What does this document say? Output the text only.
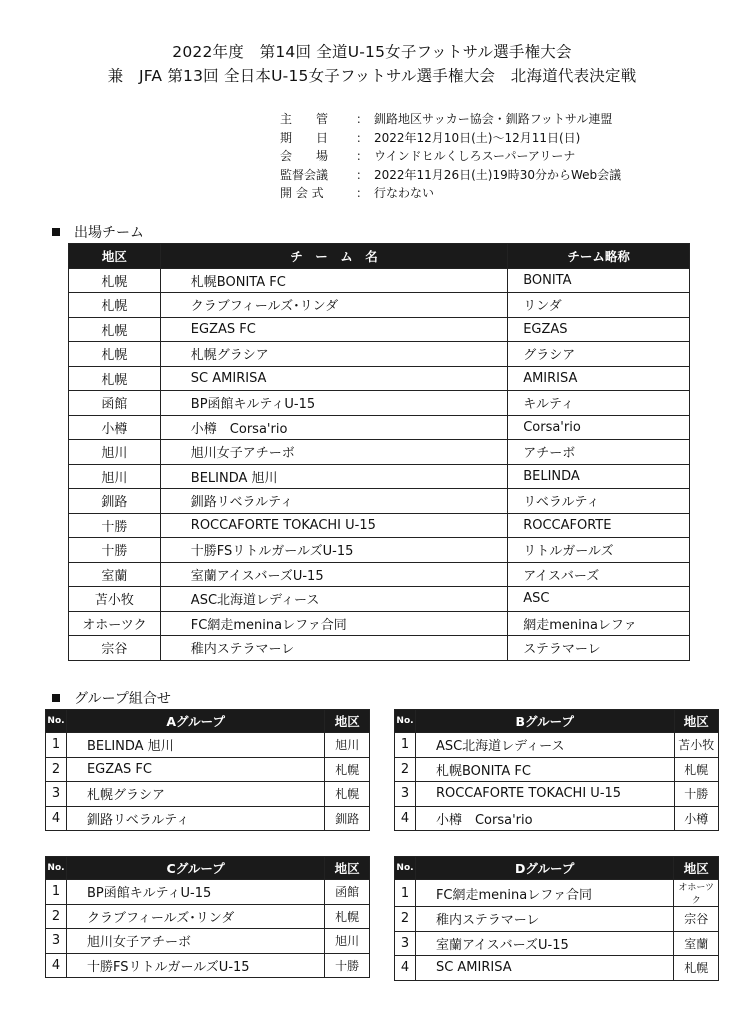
2022年度　第14回 全道U-15女子フットサル選手権大会
兼　JFA 第13回 全日本U-15女子フットサル選手権大会　北海道代表決定戦
主　　管	： 釧路地区サッカー協会・釧路フットサル連盟
期　　日	： 2022年12月10日(土)～12月11日(日)
会　　場	： ウインドヒルくしろスーパーアリーナ
監督会議	： 2022年11月26日(土)19時30分からWeb会議
開 会 式	： 行なわない
出場チーム
地区	チ　ー　ム　名	チーム略称
札幌	札幌BONITA FC	BONITA
札幌	クラブフィールズ･リンダ	リンダ
札幌	EGZAS FC	EGZAS
札幌	札幌グラシア	グラシア
札幌	SC AMIRISA	AMIRISA
函館	BP函館キルティU-15	キルティ
小樽	小樽　Corsa'rio	Corsa'rio
旭川	旭川女子アチーボ	アチーボ
旭川	BELINDA 旭川	BELINDA
釧路	釧路リベラルティ	リベラルティ
十勝	ROCCAFORTE TOKACHI U-15	ROCCAFORTE
十勝	十勝FSリトルガールズU-15	リトルガールズ
室蘭	室蘭アイスバーズU-15	アイスバーズ
苫小牧	ASC北海道レディース	ASC
オホーツク	FC網走meninaレファ合同	網走meninaレファ
宗谷	稚内ステラマーレ	ステラマーレ
グループ組合せ
No.	Aグループ	地区
1	BELINDA 旭川	旭川
2	EGZAS FC	札幌
3	札幌グラシア	札幌
4	釧路リベラルティ	釧路
No.	Bグループ	地区
1	ASC北海道レディース	苫小牧
2	札幌BONITA FC	札幌
3	ROCCAFORTE TOKACHI U-15	十勝
4	小樽　Corsa'rio	小樽
No.	Cグループ	地区
1	BP函館キルティU-15	函館
2	クラブフィールズ･リンダ	札幌
3	旭川女子アチーボ	旭川
4	十勝FSリトルガールズU-15	十勝
No.	Dグループ	地区
1	FC網走meninaレファ合同	オホーツク
2	稚内ステラマーレ	宗谷
3	室蘭アイスバーズU-15	室蘭
4	SC AMIRISA	札幌
